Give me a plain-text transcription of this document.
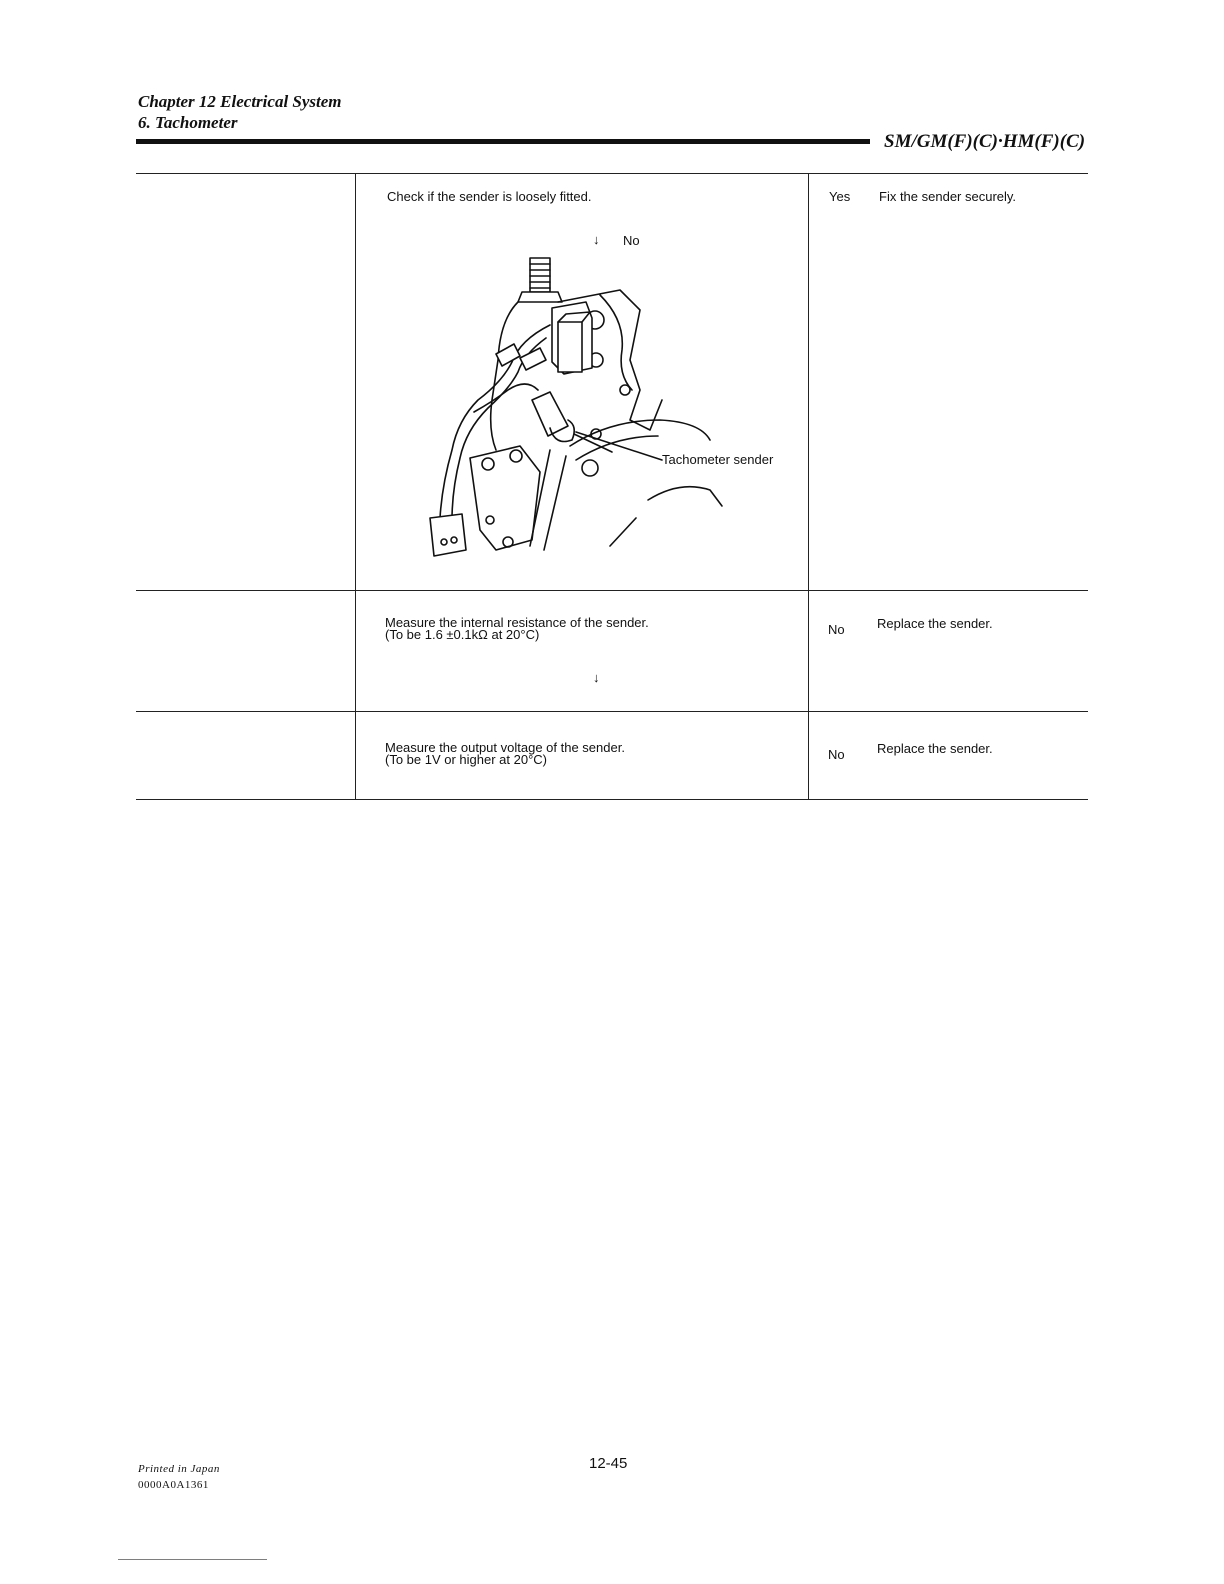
Chapter 12 Electrical System
6. Tachometer
SM/GM(F)(C)·HM(F)(C)
Check if the sender is loosely fitted.
↓ No
Yes Fix the sender securely.
Tachometer sender
Measure the internal resistance of the sender.
(To be 1.6 ±0.1kΩ at 20°C)
↓
No Replace the sender.
Measure the output voltage of the sender.
(To be 1V or higher at 20°C)	No Replace the sender.
Printed in Japan
0000A0A1361
12-45
